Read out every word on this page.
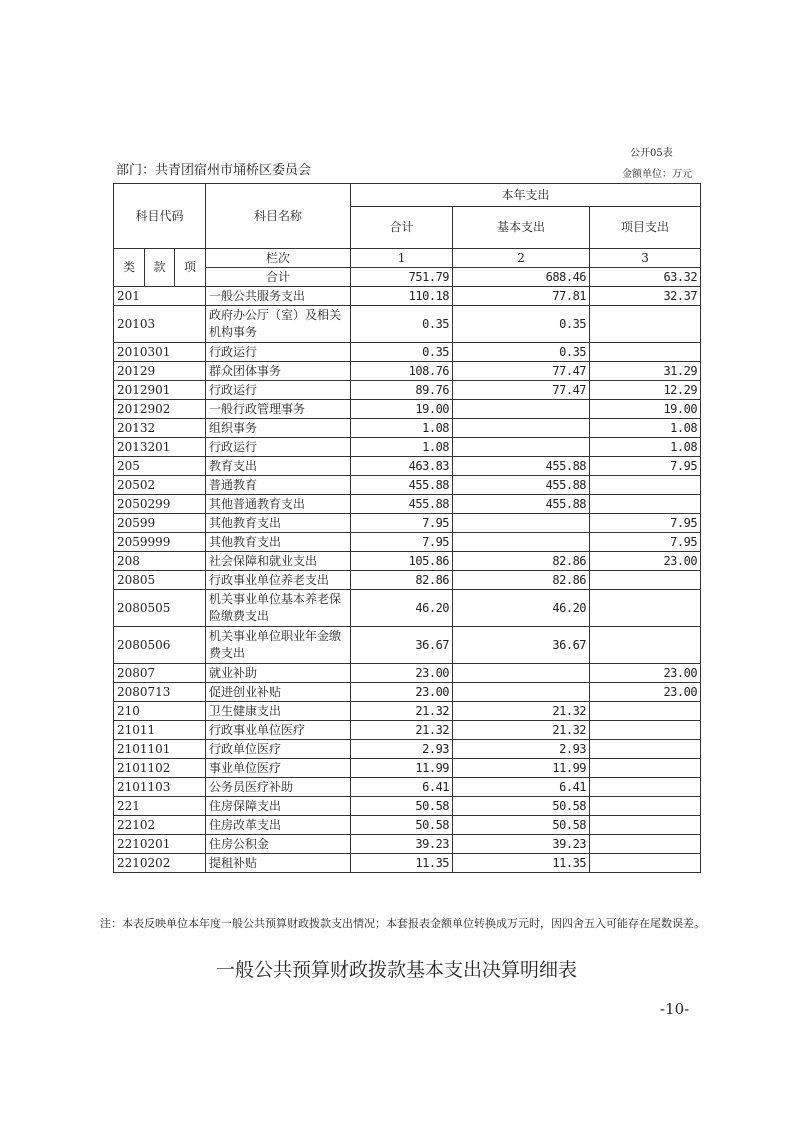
公开05表
部门：共青团宿州市埇桥区委员会	金额单位：万元
科目代码			科目名称	本年支出		
				合计	基本支出	项目支出
类	款	项	栏次	1	2	3
			合计	751.79	688.46	63.32
201			一般公共服务支出	110.18	77.81	32.37
20103			政府办公厅（室）及相关机构事务	0.35	0.35	
2010301			行政运行	0.35	0.35	
20129			群众团体事务	108.76	77.47	31.29
2012901			行政运行	89.76	77.47	12.29
2012902			一般行政管理事务	19.00		19.00
20132			组织事务	1.08		1.08
2013201			行政运行	1.08		1.08
205			教育支出	463.83	455.88	7.95
20502			普通教育	455.88	455.88	
2050299			其他普通教育支出	455.88	455.88	
20599			其他教育支出	7.95		7.95
2059999			其他教育支出	7.95		7.95
208			社会保障和就业支出	105.86	82.86	23.00
20805			行政事业单位养老支出	82.86	82.86	
2080505			机关事业单位基本养老保险缴费支出	46.20	46.20	
2080506			机关事业单位职业年金缴费支出	36.67	36.67	
20807			就业补助	23.00		23.00
2080713			促进创业补贴	23.00		23.00
210			卫生健康支出	21.32	21.32	
21011			行政事业单位医疗	21.32	21.32	
2101101			行政单位医疗	2.93	2.93	
2101102			事业单位医疗	11.99	11.99	
2101103			公务员医疗补助	6.41	6.41	
221			住房保障支出	50.58	50.58	
22102			住房改革支出	50.58	50.58	
2210201			住房公积金	39.23	39.23	
2210202			提租补贴	11.35	11.35	
注：本表反映单位本年度一般公共预算财政拨款支出情况；本套报表金额单位转换成万元时，因四舍五入可能存在尾数误差。
一般公共预算财政拨款基本支出决算明细表
-10-
